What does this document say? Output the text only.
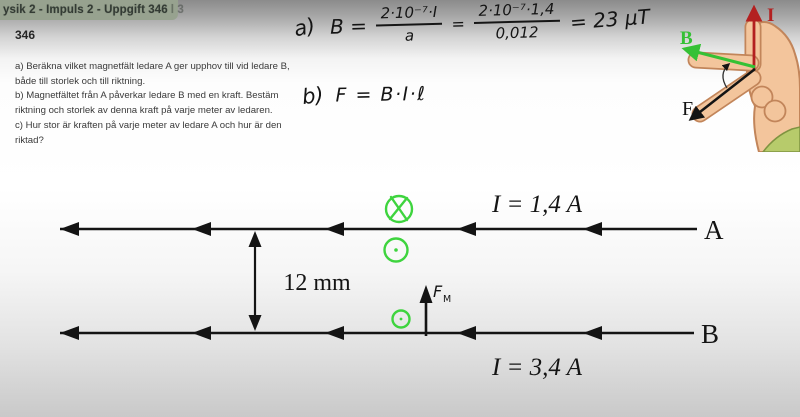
ysik 2 - Impuls 2 - Uppgift 346 l 3
346
a) Beräkna vilket magnetfält ledare A ger upphov till vid ledare B,
både till storlek och till riktning.
b) Magnetfältet från A påverkar ledare B med en kraft. Bestäm
riktning och storlek av denna kraft på varje meter av ledaren.
c) Hur stor är kraften på varje meter av ledare A och hur är den
riktad?
a) $B = \frac{\text{2·10⁻⁷·I}}{a} = \frac{\text{2·10⁻⁷·1,4}}{0,012} = 23$ μT
b) F = B·I·ℓ
I
B
F
12 mm	F M
I = 1,4 A
I = 3,4 A
A
B
